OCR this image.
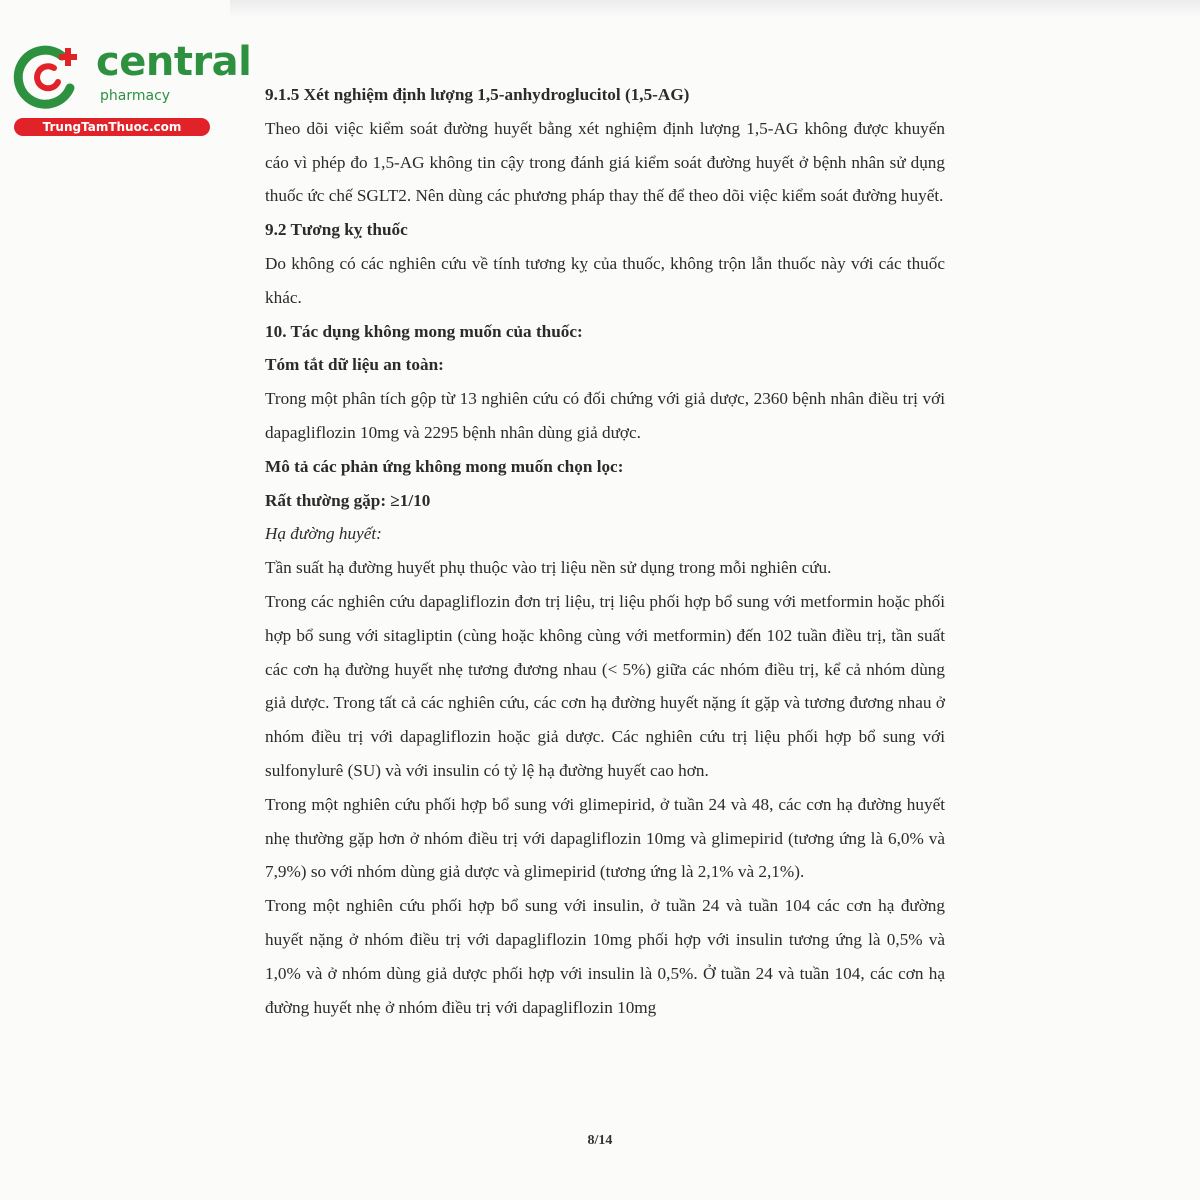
central
pharmacy
TrungTamThuoc.com

9.1.5 Xét nghiệm định lượng 1,5-anhydroglucitol (1,5-AG)

Theo dõi việc kiểm soát đường huyết bằng xét nghiệm định lượng 1,5-AG không được khuyến cáo vì phép đo 1,5-AG không tin cậy trong đánh giá kiểm soát đường huyết ở bệnh nhân sử dụng thuốc ức chế SGLT2. Nên dùng các phương pháp thay thế để theo dõi việc kiểm soát đường huyết.

9.2 Tương kỵ thuốc

Do không có các nghiên cứu về tính tương kỵ của thuốc, không trộn lẫn thuốc này với các thuốc khác.

10. Tác dụng không mong muốn của thuốc:

Tóm tắt dữ liệu an toàn:

Trong một phân tích gộp từ 13 nghiên cứu có đối chứng với giả dược, 2360 bệnh nhân điều trị với dapagliflozin 10mg và 2295 bệnh nhân dùng giả dược.

Mô tả các phản ứng không mong muốn chọn lọc:

Rất thường gặp: ≥1/10

Hạ đường huyết:

Tần suất hạ đường huyết phụ thuộc vào trị liệu nền sử dụng trong mỗi nghiên cứu.

Trong các nghiên cứu dapagliflozin đơn trị liệu, trị liệu phối hợp bổ sung với metformin hoặc phối hợp bổ sung với sitagliptin (cùng hoặc không cùng với metformin) đến 102 tuần điều trị, tần suất các cơn hạ đường huyết nhẹ tương đương nhau (< 5%) giữa các nhóm điều trị, kể cả nhóm dùng giả dược. Trong tất cả các nghiên cứu, các cơn hạ đường huyết nặng ít gặp và tương đương nhau ở nhóm điều trị với dapagliflozin hoặc giả dược. Các nghiên cứu trị liệu phối hợp bổ sung với sulfonylurê (SU) và với insulin có tỷ lệ hạ đường huyết cao hơn.

Trong một nghiên cứu phối hợp bổ sung với glimepirid, ở tuần 24 và 48, các cơn hạ đường huyết nhẹ thường gặp hơn ở nhóm điều trị với dapagliflozin 10mg và glimepirid (tương ứng là 6,0% và 7,9%) so với nhóm dùng giả dược và glimepirid (tương ứng là 2,1% và 2,1%).

Trong một nghiên cứu phối hợp bổ sung với insulin, ở tuần 24 và tuần 104 các cơn hạ đường huyết nặng ở nhóm điều trị với dapagliflozin 10mg phối hợp với insulin tương ứng là 0,5% và 1,0% và ở nhóm dùng giả dược phối hợp với insulin là 0,5%. Ở tuần 24 và tuần 104, các cơn hạ đường huyết nhẹ ở nhóm điều trị với dapagliflozin 10mg

8/14
